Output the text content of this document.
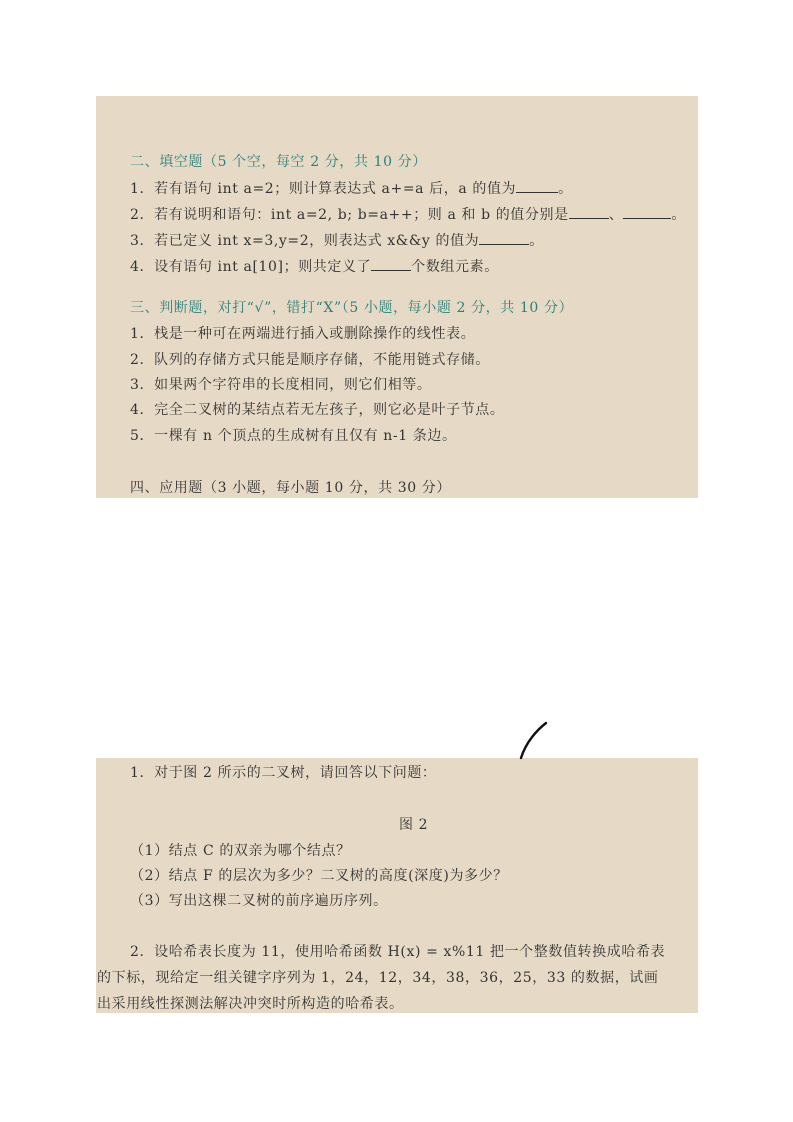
二、填空题（5 个空，每空 2 分，共 10 分）
1．若有语句 int a=2；则计算表达式 a+=a 后，a 的值为	。
2．若有说明和语句：int a=2, b; b=a++；则 a 和 b 的值分别是	、	。
3．若已定义 int x=3,y=2，则表达式 x&&y 的值为	。
4．设有语句 int a[10]；则共定义了	个数组元素。
三、判断题，对打“√”，错打“X”（5 小题，每小题 2 分，共 10 分）
1．栈是一种可在两端进行插入或删除操作的线性表。
2．队列的存储方式只能是顺序存储，不能用链式存储。
3．如果两个字符串的长度相同，则它们相等。
4．完全二叉树的某结点若无左孩子，则它必是叶子节点。
5．一棵有 n 个顶点的生成树有且仅有 n-1 条边。
四、应用题（3 小题，每小题 10 分，共 30 分）
1．对于图 2 所示的二叉树，请回答以下问题：
图 2
（1）结点 C 的双亲为哪个结点？
（2）结点 F 的层次为多少？二叉树的高度(深度)为多少？
（3）写出这棵二叉树的前序遍历序列。
2．设哈希表长度为 11，使用哈希函数 H(x) = x%11 把一个整数值转换成哈希表
的下标，现给定一组关键字序列为 1，24，12，34，38，36，25，33 的数据，试画
出采用线性探测法解决冲突时所构造的哈希表。
